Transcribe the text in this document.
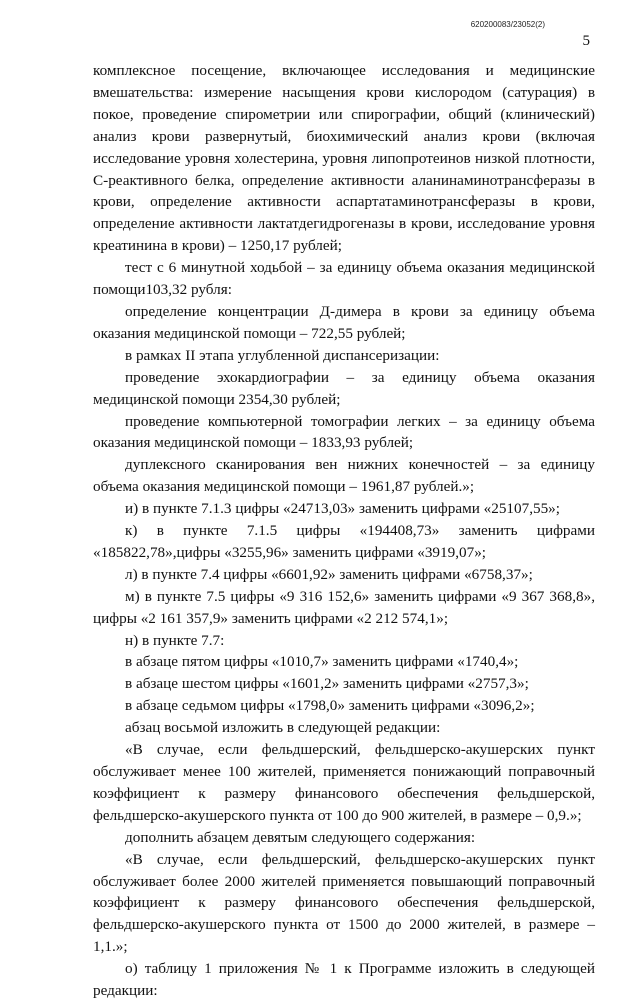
620200083/23052(2)
5

комплексное посещение, включающее исследования и медицинские вмешательства: измерение насыщения крови кислородом (сатурация) в покое, проведение спирометрии или спирографии, общий (клинический) анализ крови развернутый, биохимический анализ крови (включая исследование уровня холестерина, уровня липопротеинов низкой плотности, С-реактивного белка, определение активности аланинаминотрансферазы в крови, определение активности аспартатаминотрансферазы в крови, определение активности лактатдегидрогеназы в крови, исследование уровня креатинина в крови) – 1250,17 рублей;

тест с 6 минутной ходьбой – за единицу объема оказания медицинской помощи103,32 рубля:

определение концентрации Д-димера в крови за единицу объема оказания медицинской помощи – 722,55 рублей;

в рамках II этапа углубленной диспансеризации:

проведение эхокардиографии – за единицу объема оказания медицинской помощи 2354,30 рублей;

проведение компьютерной томографии легких – за единицу объема оказания медицинской помощи – 1833,93 рублей;

дуплексного сканирования вен нижних конечностей – за единицу объема оказания медицинской помощи – 1961,87 рублей.»;

и) в пункте 7.1.3 цифры «24713,03» заменить цифрами «25107,55»;

к) в пункте 7.1.5 цифры «194408,73» заменить цифрами «185822,78»,цифры «3255,96» заменить цифрами «3919,07»;

л) в пункте 7.4 цифры «6601,92» заменить цифрами «6758,37»;

м) в пункте 7.5 цифры «9 316 152,6» заменить цифрами «9 367 368,8», цифры «2 161 357,9» заменить цифрами «2 212 574,1»;

н) в пункте 7.7:

в абзаце пятом цифры «1010,7» заменить цифрами «1740,4»;

в абзаце шестом цифры «1601,2» заменить цифрами «2757,3»;

в абзаце седьмом цифры «1798,0» заменить цифрами «3096,2»;

абзац восьмой изложить в следующей редакции:

«В случае, если фельдшерский, фельдшерско-акушерских пункт обслуживает менее 100 жителей, применяется понижающий поправочный коэффициент к размеру финансового обеспечения фельдшерской, фельдшерско-акушерского пункта от 100 до 900 жителей, в размере – 0,9.»;

дополнить абзацем девятым следующего содержания:

«В случае, если фельдшерский, фельдшерско-акушерских пункт обслуживает более 2000 жителей применяется повышающий поправочный коэффициент к размеру финансового обеспечения фельдшерской, фельдшерско-акушерского пункта от 1500 до 2000 жителей, в размере – 1,1.»;

о) таблицу 1 приложения № 1 к Программе изложить в следующей редакции:
